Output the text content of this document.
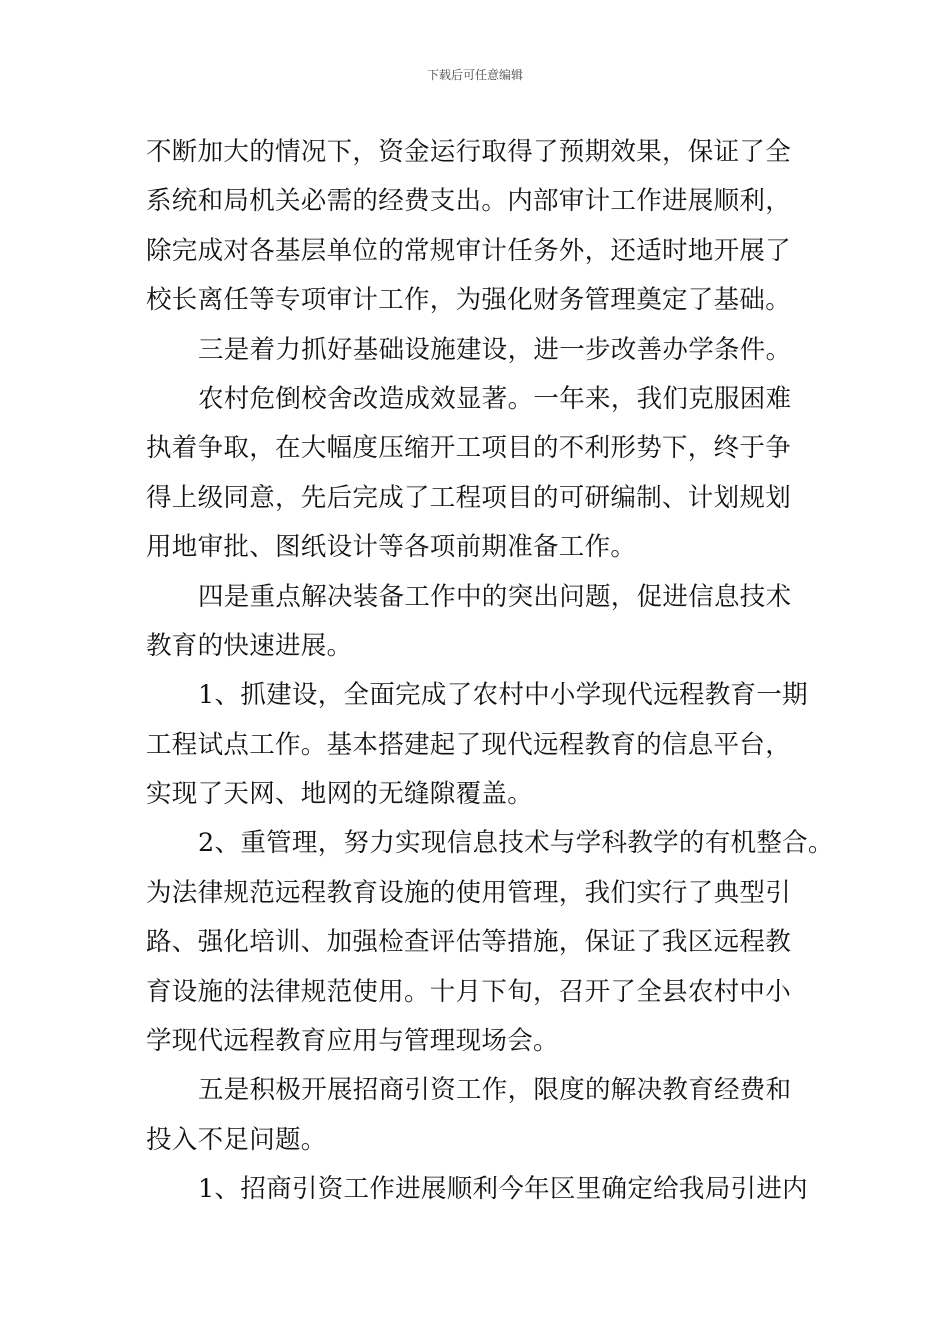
下载后可任意编辑
不断加大的情况下，资金运行取得了预期效果，保证了全
系统和局机关必需的经费支出。内部审计工作进展顺利，
除完成对各基层单位的常规审计任务外，还适时地开展了
校长离任等专项审计工作，为强化财务管理奠定了基础。
三是着力抓好基础设施建设，进一步改善办学条件。
农村危倒校舍改造成效显著。一年来，我们克服困难
执着争取，在大幅度压缩开工项目的不利形势下，终于争
得上级同意，先后完成了工程项目的可研编制、计划规划
用地审批、图纸设计等各项前期准备工作。
四是重点解决装备工作中的突出问题，促进信息技术
教育的快速进展。
1、抓建设，全面完成了农村中小学现代远程教育一期
工程试点工作。基本搭建起了现代远程教育的信息平台，
实现了天网、地网的无缝隙覆盖。
2、重管理，努力实现信息技术与学科教学的有机整合。
为法律规范远程教育设施的使用管理，我们实行了典型引
路、强化培训、加强检查评估等措施，保证了我区远程教
育设施的法律规范使用。十月下旬，召开了全县农村中小
学现代远程教育应用与管理现场会。
五是积极开展招商引资工作，限度的解决教育经费和
投入不足问题。
1、招商引资工作进展顺利今年区里确定给我局引进内
